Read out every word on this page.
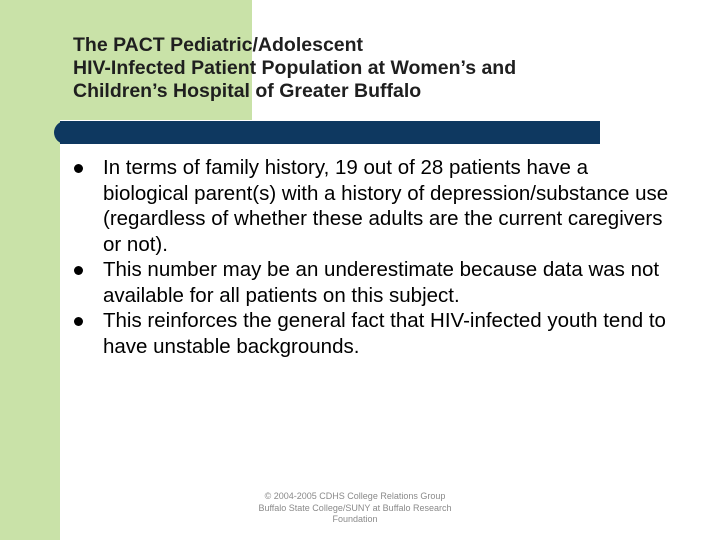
The PACT Pediatric/Adolescent
HIV-Infected Patient Population at Women’s and
Children’s Hospital of Greater Buffalo
In terms of family history, 19 out of 28 patients have a biological parent(s) with a history of depression/substance use (regardless of whether these adults are the current caregivers or not).
This number may be an underestimate because data was not available for all patients on this subject.
This reinforces the general fact that HIV-infected youth tend to have unstable backgrounds.

© 2004-2005 CDHS College Relations Group
Buffalo State College/SUNY at Buffalo Research
Foundation
